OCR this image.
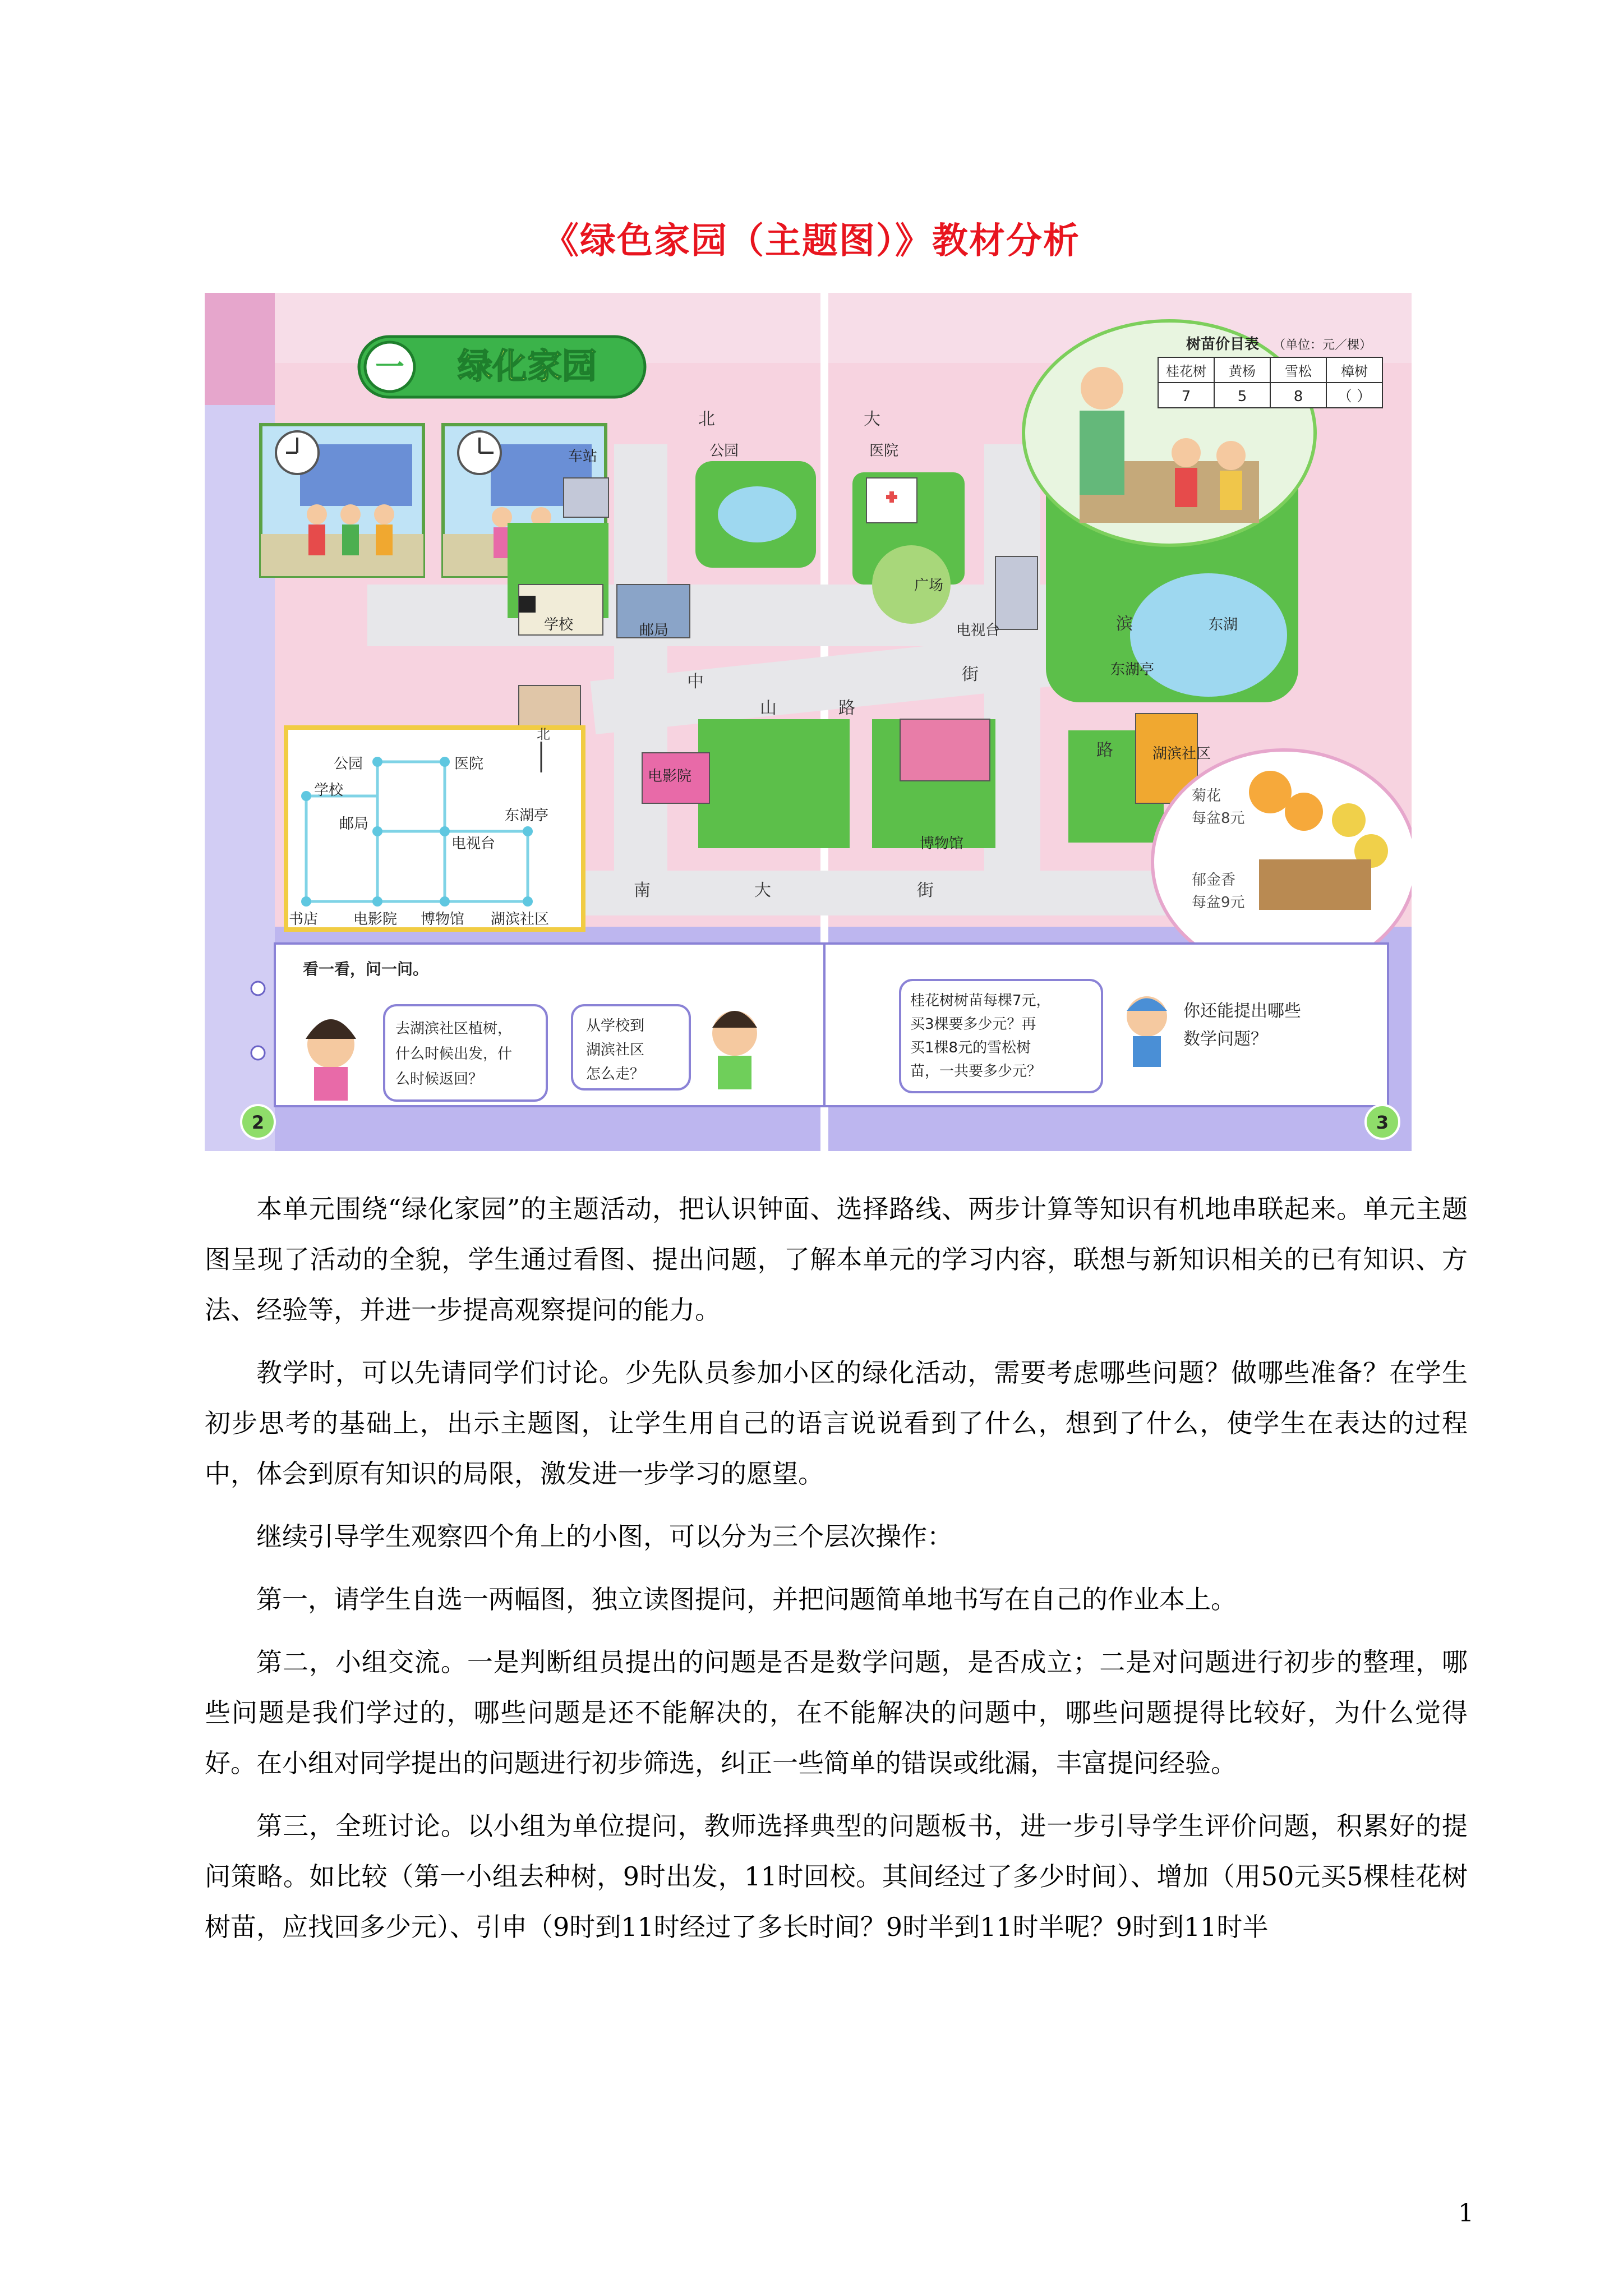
《绿色家园（主题图）》教材分析
一 绿化家园
北	大
中
山	路
滨
街
路
南	大	街
车站	公园	医院
广场
学校	邮局	电视台	东湖
东湖亭
电影院
博物馆
湖滨社区
树苗价目表 （单位：元／棵）
桂花树 黄杨 雪松 樟树
7	5	8 （ ）
菊花
每盆8元
郁金香
每盆9元
北
公园	医院
学校
邮局	东湖亭
电视台
书店 电影院 博物馆 湖滨社区
看一看，问一问。
去湖滨社区植树，
什么时候出发，什
么时候返回？
从学校到
湖滨社区
怎么走？
桂花树树苗每棵7元，
买3棵要多少元？再
买1棵8元的雪松树
苗，一共要多少元？
你还能提出哪些
数学问题？
2	3

本单元围绕“绿化家园”的主题活动，把认识钟面、选择路线、两步计算等知识有机地串联起来。单元主题图呈现了活动的全貌，学生通过看图、提出问题，了解本单元的学习内容，联想与新知识相关的已有知识、方法、经验等，并进一步提高观察提问的能力。

教学时，可以先请同学们讨论。少先队员参加小区的绿化活动，需要考虑哪些问题？做哪些准备？在学生初步思考的基础上，出示主题图，让学生用自己的语言说说看到了什么，想到了什么，使学生在表达的过程中，体会到原有知识的局限，激发进一步学习的愿望。

继续引导学生观察四个角上的小图，可以分为三个层次操作：

第一，请学生自选一两幅图，独立读图提问，并把问题简单地书写在自己的作业本上。

第二，小组交流。一是判断组员提出的问题是否是数学问题，是否成立；二是对问题进行初步的整理，哪些问题是我们学过的，哪些问题是还不能解决的，在不能解决的问题中，哪些问题提得比较好，为什么觉得好。在小组对同学提出的问题进行初步筛选，纠正一些简单的错误或纰漏，丰富提问经验。

第三，全班讨论。以小组为单位提问，教师选择典型的问题板书，进一步引导学生评价问题，积累好的提问策略。如比较（第一小组去种树，9时出发，11时回校。其间经过了多少时间）、增加（用50元买5棵桂花树树苗，应找回多少元）、引申（9时到11时经过了多长时间？9时半到11时半呢？9时到11时半

1
